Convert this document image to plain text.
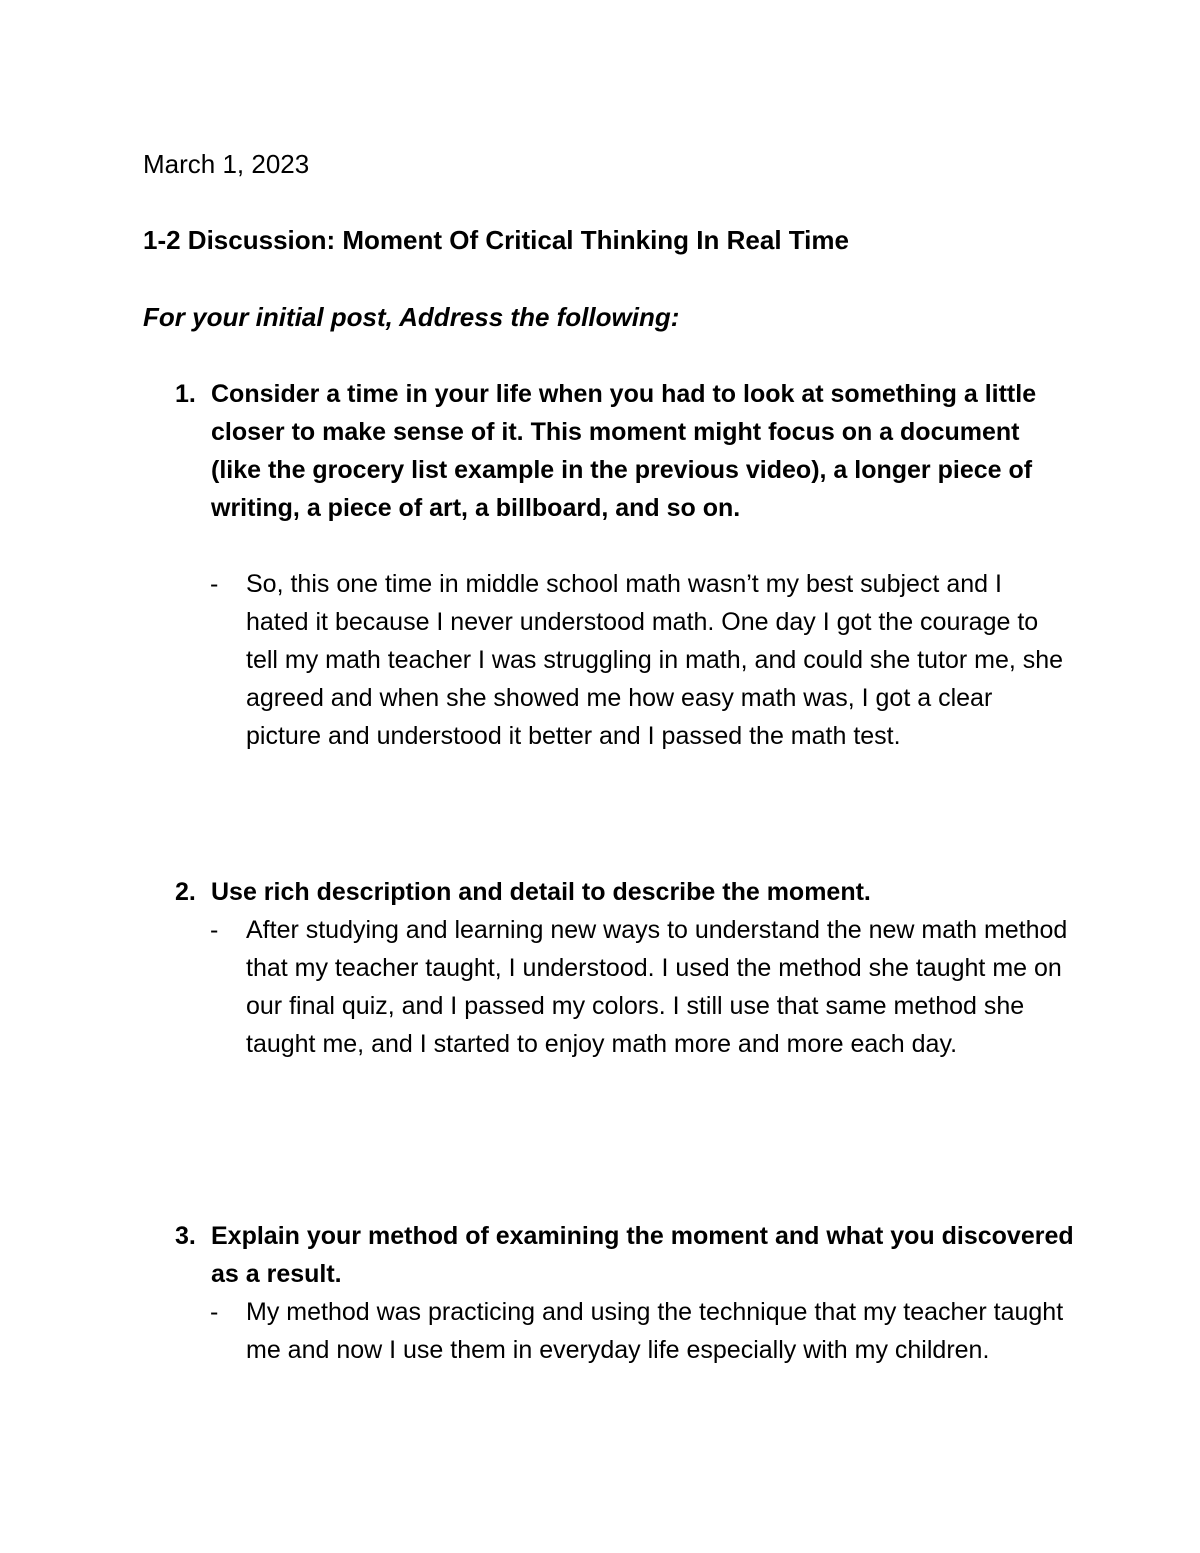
March 1, 2023
1-2 Discussion: Moment Of Critical Thinking In Real Time
For your initial post, Address the following:
1. Consider a time in your life when you had to look at something a little closer to make sense of it. This moment might focus on a document (like the grocery list example in the previous video), a longer piece of writing, a piece of art, a billboard, and so on.
- So, this one time in middle school math wasn’t my best subject and I hated it because I never understood math. One day I got the courage to tell my math teacher I was struggling in math, and could she tutor me, she agreed and when she showed me how easy math was, I got a clear picture and understood it better and I passed the math test.
2. Use rich description and detail to describe the moment.
- After studying and learning new ways to understand the new math method that my teacher taught, I understood. I used the method she taught me on our final quiz, and I passed my colors. I still use that same method she taught me, and I started to enjoy math more and more each day.
3. Explain your method of examining the moment and what you discovered as a result.
- My method was practicing and using the technique that my teacher taught me and now I use them in everyday life especially with my children.
